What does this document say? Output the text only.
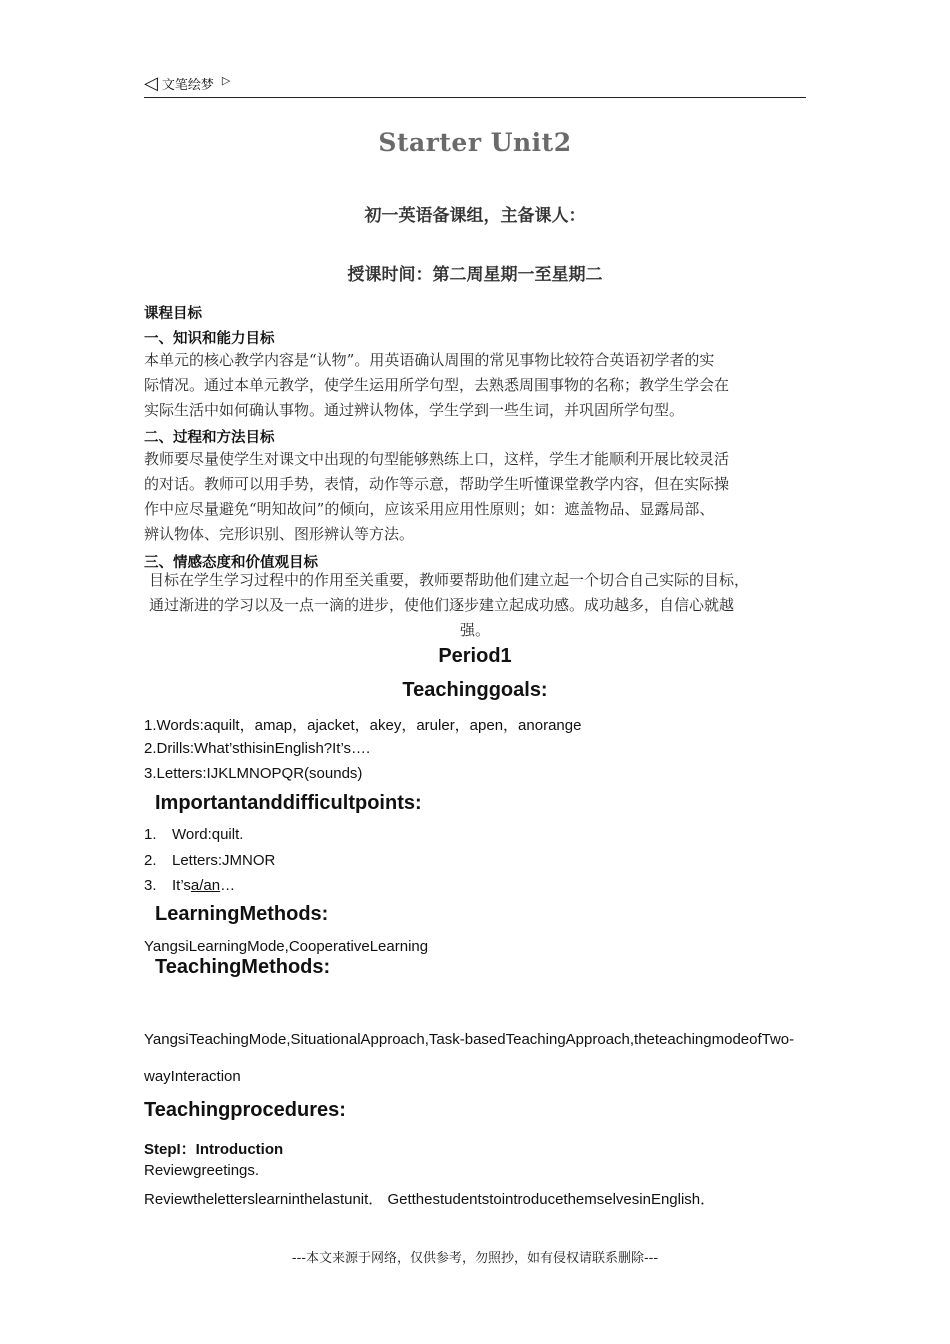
◁ 文笔绘梦 ▷
Starter Unit2
初一英语备课组，主备课人：
授课时间：第二周星期一至星期二
课程目标
一、知识和能力目标
本单元的核心教学内容是“认物”。用英语确认周围的常见事物比较符合英语初学者的实
际情况。通过本单元教学，使学生运用所学句型，去熟悉周围事物的名称；教学生学会在
实际生活中如何确认事物。通过辨认物体，学生学到一些生词，并巩固所学句型。
二、过程和方法目标
教师要尽量使学生对课文中出现的句型能够熟练上口，这样，学生才能顺利开展比较灵活
的对话。教师可以用手势，表情，动作等示意，帮助学生听懂课堂教学内容，但在实际操
作中应尽量避免“明知故问”的倾向，应该采用应用性原则；如：遮盖物品、显露局部、
辨认物体、完形识别、图形辨认等方法。
三、情感态度和价值观目标
目标在学生学习过程中的作用至关重要，教师要帮助他们建立起一个切合自己实际的目标，
通过渐进的学习以及一点一滴的进步，使他们逐步建立起成功感。成功越多，自信心就越
强。
Period1
Teachinggoals:
1.Words:aquilt，amap，ajacket，akey，aruler，apen，anorange
2.Drills:What’sthisinEnglish?It’s….
3.Letters:IJKLMNOPQR(sounds)
Importantanddifficultpoints:
1. Word:quilt.
2. Letters:JMNOR
3. It’sa/an…
LearningMethods:
YangsiLearningMode,CooperativeLearning
TeachingMethods:
YangsiTeachingMode,SituationalApproach,Task-basedTeachingApproach,theteachingmodeofTwo-
wayInteraction
Teachingprocedures:
StepI：Introduction
Reviewgreetings.
Reviewtheletterslearninthelastunit． GetthestudentstointroducethemselvesinEnglish．
---本文来源于网络，仅供参考，勿照抄，如有侵权请联系删除---
